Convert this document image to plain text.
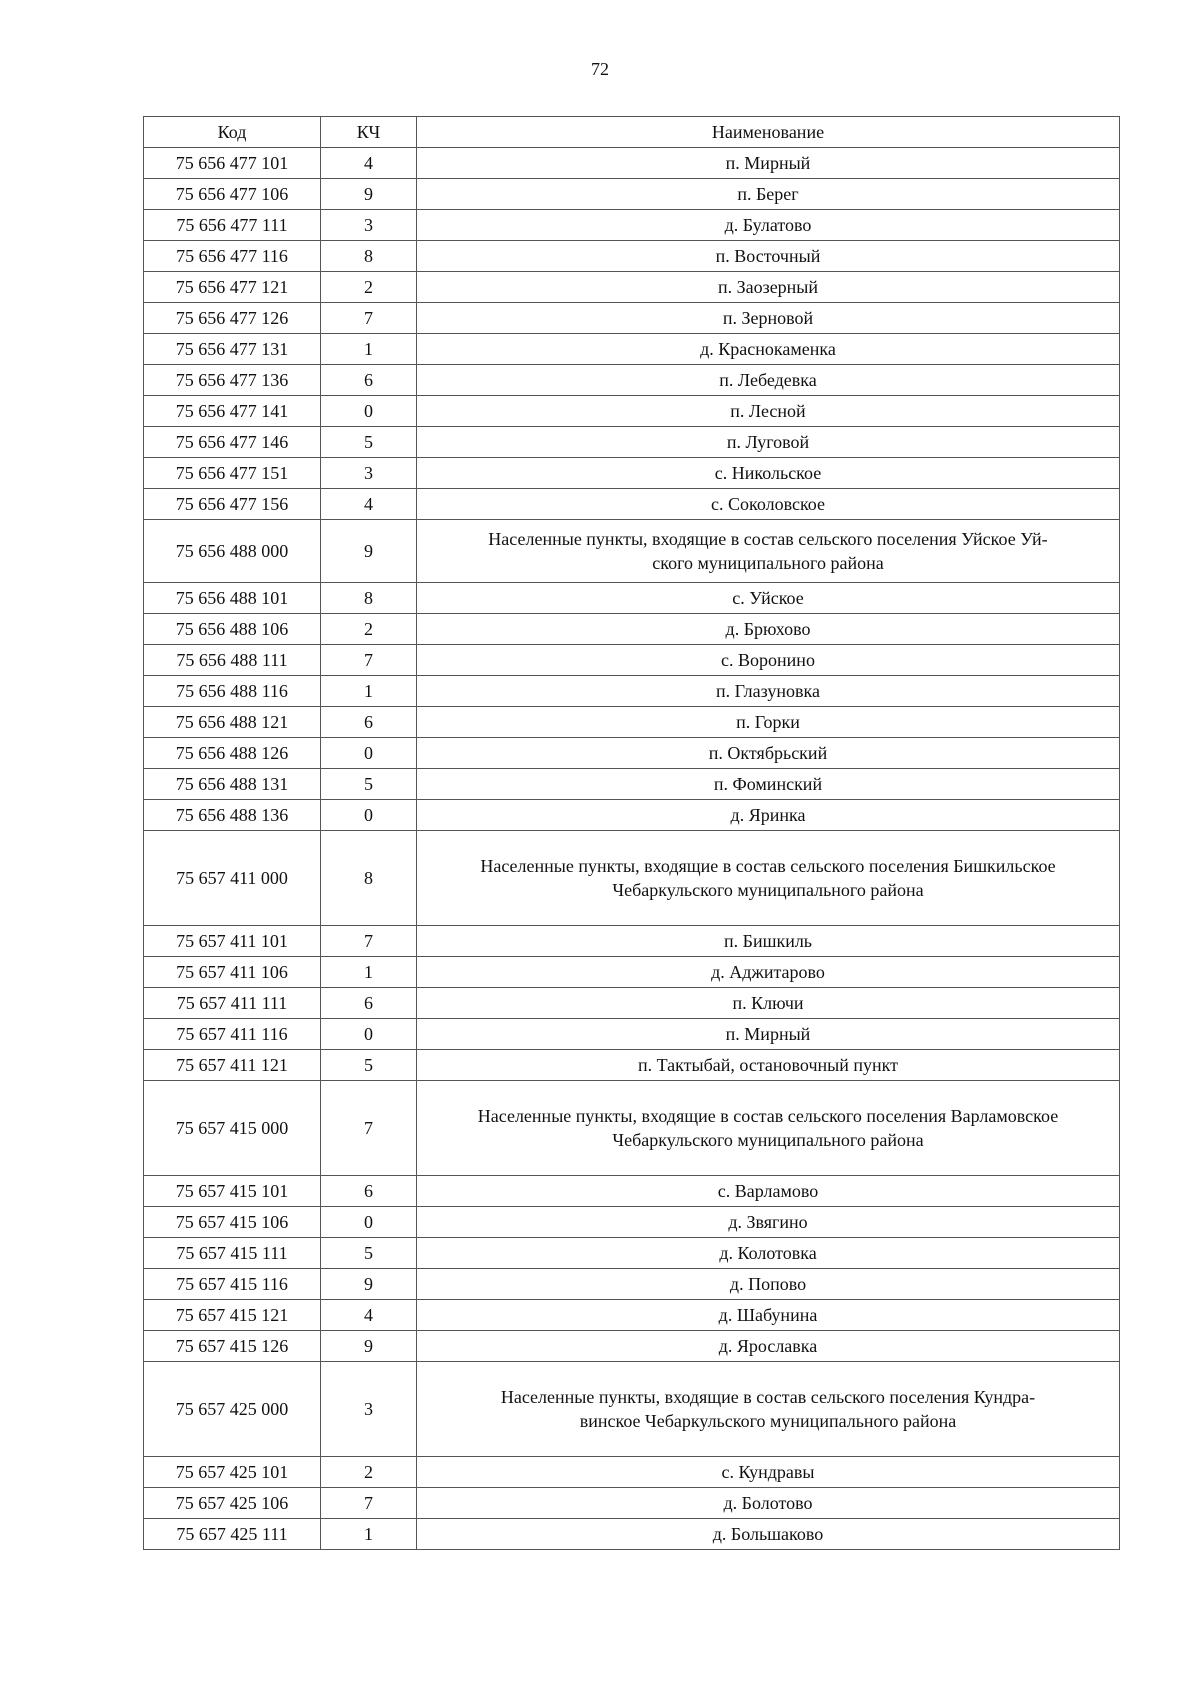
72
Код	КЧ	Наименование
75 656 477 101	4	п. Мирный
75 656 477 106	9	п. Берег
75 656 477 111	3	д. Булатово
75 656 477 116	8	п. Восточный
75 656 477 121	2	п. Заозерный
75 656 477 126	7	п. Зерновой
75 656 477 131	1	д. Краснокаменка
75 656 477 136	6	п. Лебедевка
75 656 477 141	0	п. Лесной
75 656 477 146	5	п. Луговой
75 656 477 151	3	с. Никольское
75 656 477 156	4	с. Соколовское
75 656 488 000	9	Населенные пункты, входящие в состав сельского поселения Уйское Уй-
ского муниципального района

75 656 488 101	8	с. Уйское
75 656 488 106	2	д. Брюхово
75 656 488 111	7	с. Воронино
75 656 488 116	1	п. Глазуновка
75 656 488 121	6	п. Горки
75 656 488 126	0	п. Октябрьский
75 656 488 131	5	п. Фоминский
75 656 488 136	0	д. Яринка
75 657 411 000	8	Населенные пункты, входящие в состав сельского поселения Бишкильское
Чебаркульского муниципального района

75 657 411 101	7	п. Бишкиль
75 657 411 106	1	д. Аджитарово
75 657 411 111	6	п. Ключи
75 657 411 116	0	п. Мирный
75 657 411 121	5	п. Тактыбай, остановочный пункт
75 657 415 000	7	Населенные пункты, входящие в состав сельского поселения Варламовское
Чебаркульского муниципального района

75 657 415 101	6	с. Варламово
75 657 415 106	0	д. Звягино
75 657 415 111	5	д. Колотовка
75 657 415 116	9	д. Попово
75 657 415 121	4	д. Шабунина
75 657 415 126	9	д. Ярославка
75 657 425 000	3	Населенные пункты, входящие в состав сельского поселения Кундра-
винское Чебаркульского муниципального района

75 657 425 101	2	с. Кундравы
75 657 425 106	7	д. Болотово
75 657 425 111	1	д. Большаково
